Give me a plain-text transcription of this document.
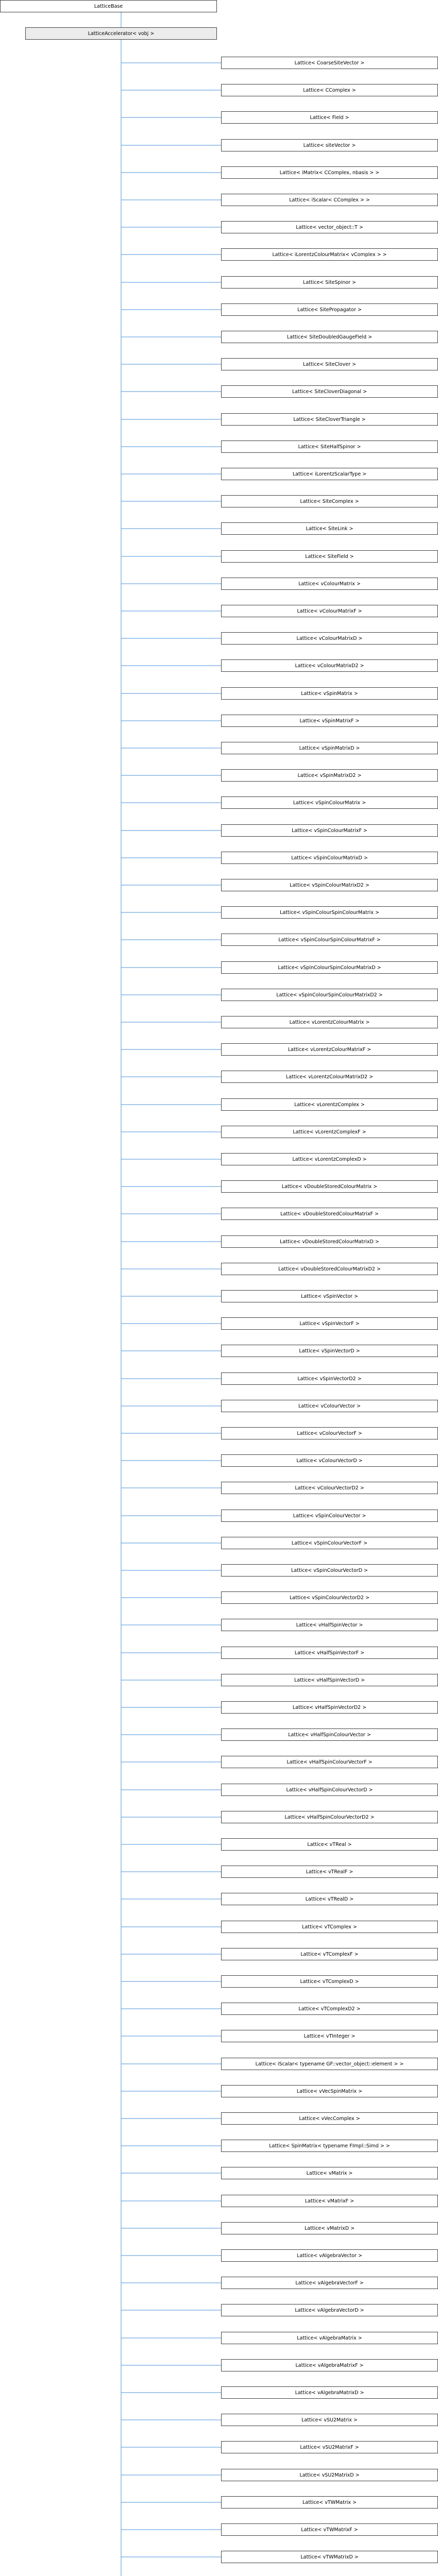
LatticeBase
LatticeAccelerator< vobj >
Lattice< CoarseSiteVector >
Lattice< CComplex >
Lattice< Field >
Lattice< siteVector >
Lattice< iMatrix< CComplex, nbasis > >
Lattice< iScalar< CComplex > >
Lattice< vector_object::T >
Lattice< iLorentzColourMatrix< vComplex > >
Lattice< SiteSpinor >
Lattice< SitePropagator >
Lattice< SiteDoubledGaugeField >
Lattice< SiteClover >
Lattice< SiteCloverDiagonal >
Lattice< SiteCloverTriangle >
Lattice< SiteHalfSpinor >
Lattice< iLorentzScalarType >
Lattice< SiteComplex >
Lattice< SiteLink >
Lattice< SiteField >
Lattice< vColourMatrix >
Lattice< vColourMatrixF >
Lattice< vColourMatrixD >
Lattice< vColourMatrixD2 >
Lattice< vSpinMatrix >
Lattice< vSpinMatrixF >
Lattice< vSpinMatrixD >
Lattice< vSpinMatrixD2 >
Lattice< vSpinColourMatrix >
Lattice< vSpinColourMatrixF >
Lattice< vSpinColourMatrixD >
Lattice< vSpinColourMatrixD2 >
Lattice< vSpinColourSpinColourMatrix >
Lattice< vSpinColourSpinColourMatrixF >
Lattice< vSpinColourSpinColourMatrixD >
Lattice< vSpinColourSpinColourMatrixD2 >
Lattice< vLorentzColourMatrix >
Lattice< vLorentzColourMatrixF >
Lattice< vLorentzColourMatrixD2 >
Lattice< vLorentzComplex >
Lattice< vLorentzComplexF >
Lattice< vLorentzComplexD >
Lattice< vDoubleStoredColourMatrix >
Lattice< vDoubleStoredColourMatrixF >
Lattice< vDoubleStoredColourMatrixD >
Lattice< vDoubleStoredColourMatrixD2 >
Lattice< vSpinVector >
Lattice< vSpinVectorF >
Lattice< vSpinVectorD >
Lattice< vSpinVectorD2 >
Lattice< vColourVector >
Lattice< vColourVectorF >
Lattice< vColourVectorD >
Lattice< vColourVectorD2 >
Lattice< vSpinColourVector >
Lattice< vSpinColourVectorF >
Lattice< vSpinColourVectorD >
Lattice< vSpinColourVectorD2 >
Lattice< vHalfSpinVector >
Lattice< vHalfSpinVectorF >
Lattice< vHalfSpinVectorD >
Lattice< vHalfSpinVectorD2 >
Lattice< vHalfSpinColourVector >
Lattice< vHalfSpinColourVectorF >
Lattice< vHalfSpinColourVectorD >
Lattice< vHalfSpinColourVectorD2 >
Lattice< vTReal >
Lattice< vTRealF >
Lattice< vTRealD >
Lattice< vTComplex >
Lattice< vTComplexF >
Lattice< vTComplexD >
Lattice< vTComplexD2 >
Lattice< vTInteger >
Lattice< iScalar< typename GF::vector_object::element > >
Lattice< vVecSpinMatrix >
Lattice< vVecComplex >
Lattice< SpinMatrix< typename FImpl::Simd > >
Lattice< vMatrix >
Lattice< vMatrixF >
Lattice< vMatrixD >
Lattice< vAlgebraVector >
Lattice< vAlgebraVectorF >
Lattice< vAlgebraVectorD >
Lattice< vAlgebraMatrix >
Lattice< vAlgebraMatrixF >
Lattice< vAlgebraMatrixD >
Lattice< vSU2Matrix >
Lattice< vSU2MatrixF >
Lattice< vSU2MatrixD >
Lattice< vTWMatrix >
Lattice< vTWMatrixF >
Lattice< vTWMatrixD >
